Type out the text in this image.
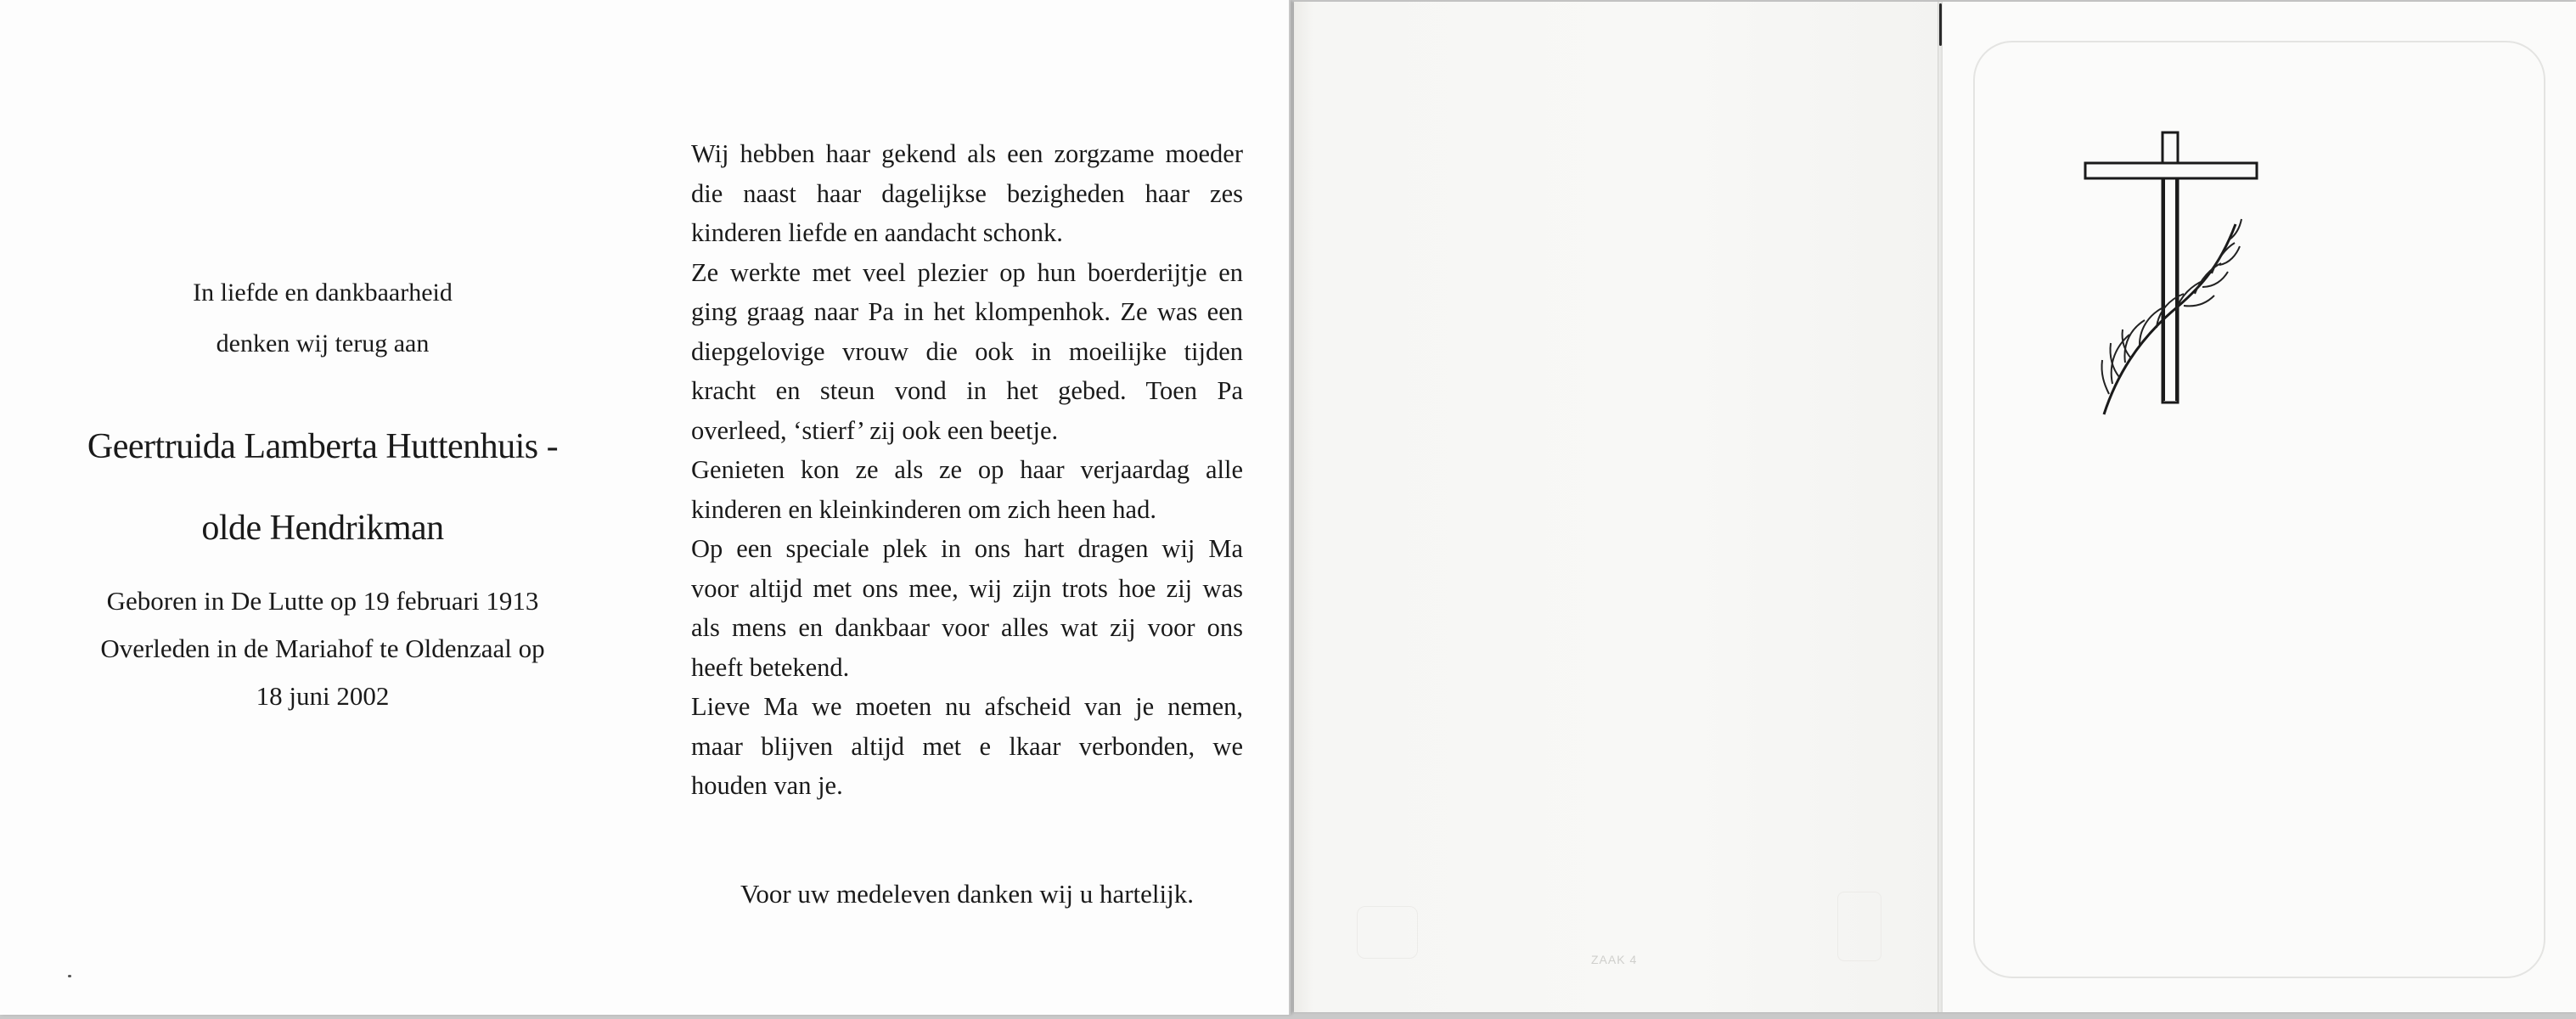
In liefde en dankbaarheid
denken wij terug aan
Geertruida Lamberta Huttenhuis -
olde Hendrikman
Geboren in De Lutte op 19 februari 1913
Overleden in de Mariahof te Oldenzaal op
18 juni 2002
Wij hebben haar gekend als een zorgzame moeder
die naast haar dagelijkse bezigheden haar zes
kinderen liefde en aandacht schonk.
Ze werkte met veel plezier op hun boerderijtje en
ging graag naar Pa in het klompenhok. Ze was een
diepgelovige vrouw die ook in moeilijke tijden
kracht en steun vond in het gebed. Toen Pa
overleed, ‘stierf’ zij ook een beetje.
Genieten kon ze als ze op haar verjaardag alle
kinderen en kleinkinderen om zich heen had.
Op een speciale plek in ons hart dragen wij Ma
voor altijd met ons mee, wij zijn trots hoe zij was
als mens en dankbaar voor alles wat zij voor ons
heeft betekend.
Lieve Ma we moeten nu afscheid van je nemen,
maar blijven altijd met e lkaar verbonden, we
houden van je.
Voor uw medeleven danken wij u hartelijk.
ZAAK 4
